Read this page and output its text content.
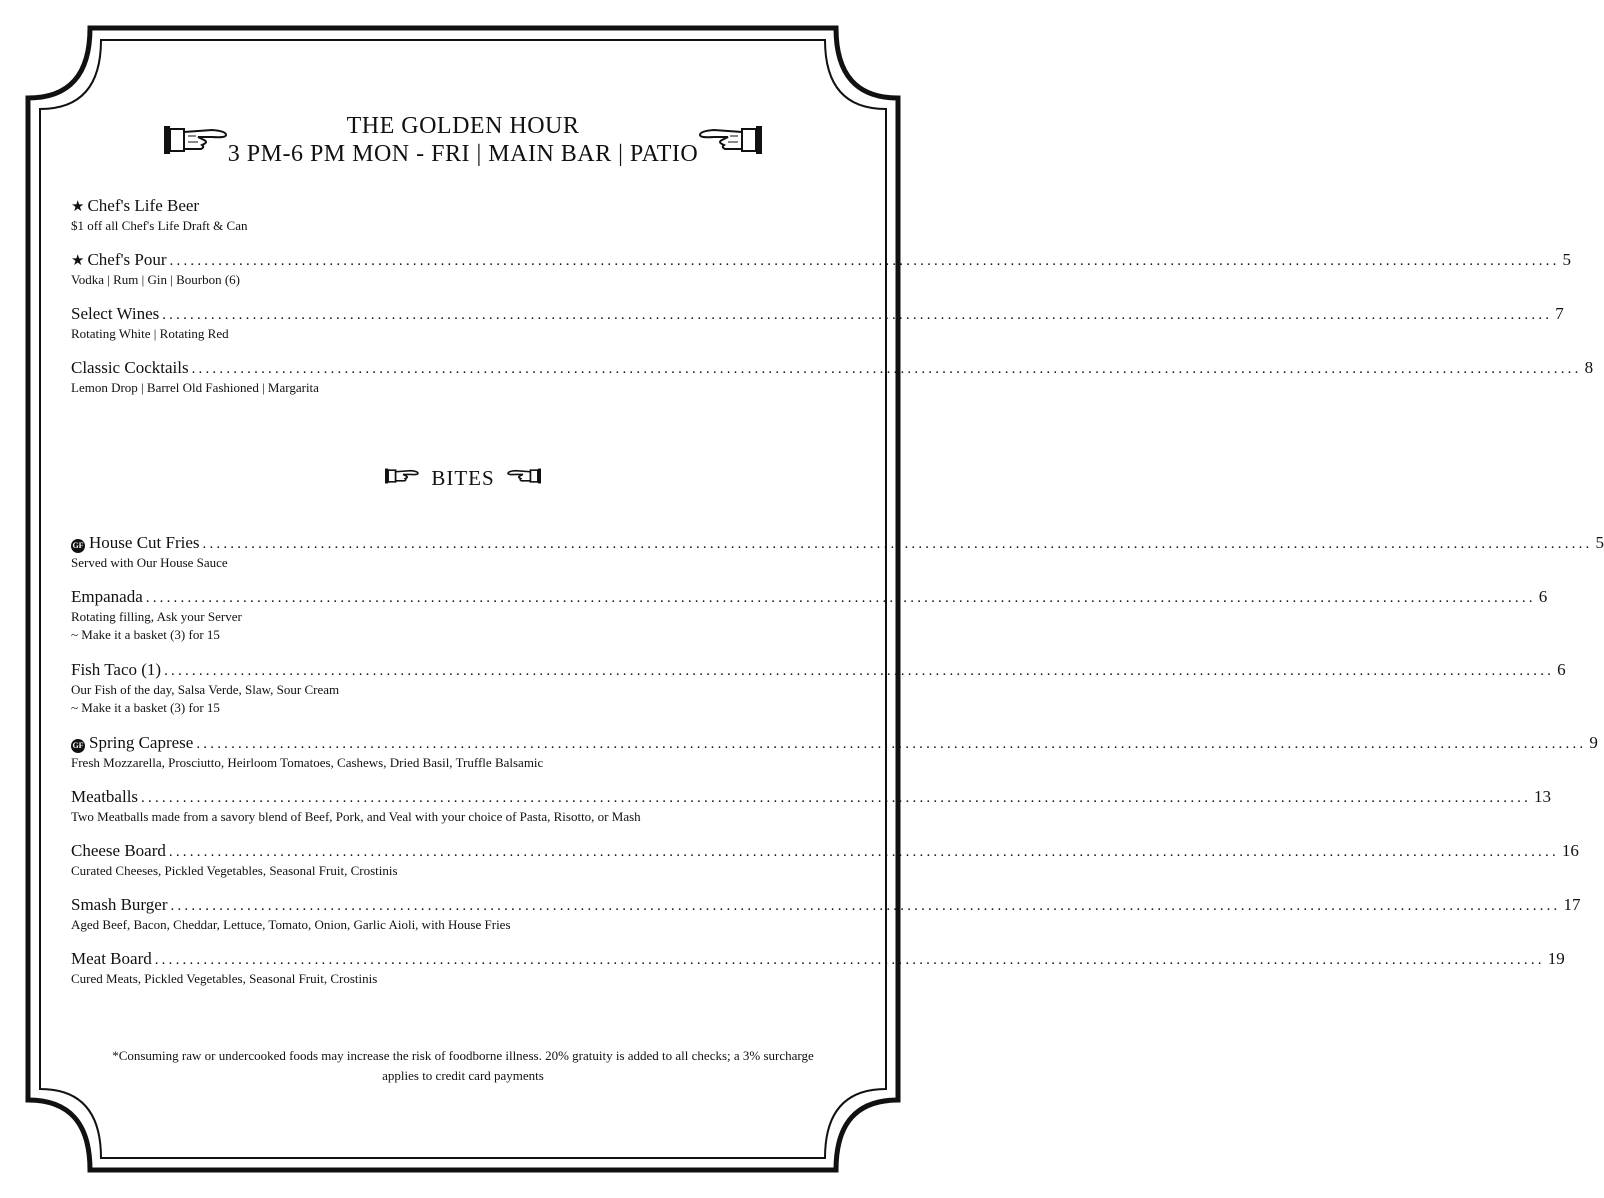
THE GOLDEN HOUR
3 PM-6 PM MON - FRI | MAIN BAR | PATIO
★ Chef's Life Beer
$1 off all Chef's Life Draft & Can
★ Chef's Pour ........................................................................................................................................................................................................ 5
Vodka | Rum | Gin | Bourbon (6)
Select Wines ........................................................................................................................................................................................................ 7
Rotating White | Rotating Red
Classic Cocktails ........................................................................................................................................................................................................ 8
Lemon Drop | Barrel Old Fashioned | Margarita
BITES
GF House Cut Fries ........................................................................................................................................................................................................ 5
Served with Our House Sauce
Empanada ........................................................................................................................................................................................................ 6
Rotating filling, Ask your Server
~ Make it a basket (3) for 15
Fish Taco (1) ........................................................................................................................................................................................................ 6
Our Fish of the day, Salsa Verde, Slaw, Sour Cream
~ Make it a basket (3) for 15
GF Spring Caprese ........................................................................................................................................................................................................ 9
Fresh Mozzarella, Prosciutto, Heirloom Tomatoes, Cashews, Dried Basil, Truffle Balsamic
Meatballs ........................................................................................................................................................................................................ 13
Two Meatballs made from a savory blend of Beef, Pork, and Veal with your choice of Pasta, Risotto, or Mash
Cheese Board ........................................................................................................................................................................................................ 16
Curated Cheeses, Pickled Vegetables, Seasonal Fruit, Crostinis
Smash Burger ........................................................................................................................................................................................................ 17
Aged Beef, Bacon, Cheddar, Lettuce, Tomato, Onion, Garlic Aioli, with House Fries
Meat Board ........................................................................................................................................................................................................ 19
Cured Meats, Pickled Vegetables, Seasonal Fruit, Crostinis
*Consuming raw or undercooked foods may increase the risk of foodborne illness. 20% gratuity is added to all checks; a 3% surcharge applies to credit card payments
